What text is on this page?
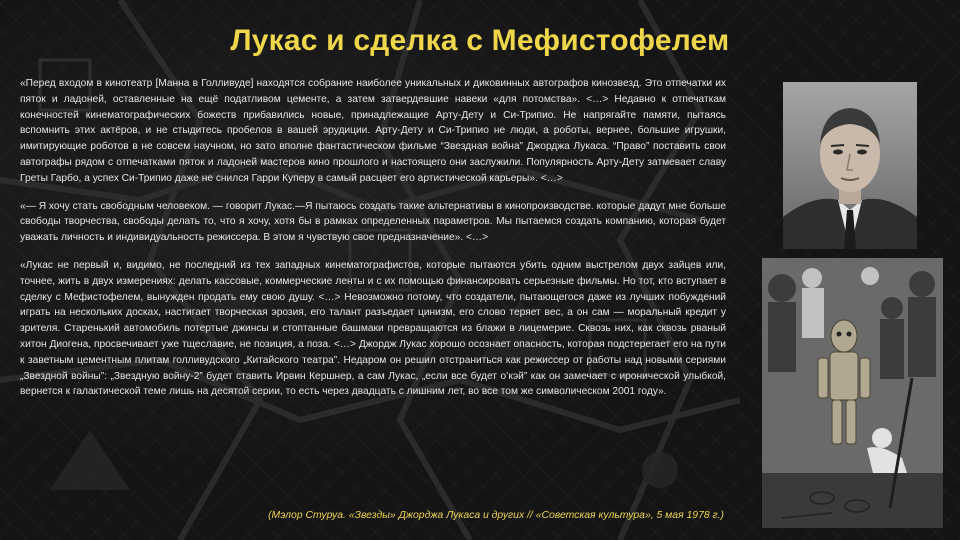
Лукас и сделка с Мефистофелем

«Перед входом в кинотеатр [Манна в Голливуде] находятся собрание наиболее уникальных и диковинных автографов кинозвезд. Это отпечатки их пяток и ладоней, оставленные на ещё податливом цементе, а затем затвердевшие навеки «для потомства». <…> Недавно к отпечаткам конечностей кинематографических божеств прибавились новые, принадлежащие Арту-Дету и Си-Трипио. Не напрягайте памяти, пытаясь вспомнить этих актёров, и не стыдитесь пробелов в вашей эрудиции. Арту-Дету и Си-Трипио не люди, а роботы, вернее, большие игрушки, имитирующие роботов в не совсем научном, но зато вполне фантастическом фильме “Звездная война” Джорджа Лукаса. “Право” поставить свои автографы рядом с отпечатками пяток и ладоней мастеров кино прошлого и настоящего они заслужили. Популярность Арту-Дету затмевает славу Греты Гарбо, а успех Си-Трипио даже не снился Гарри Куперу в самый расцвет его артистической карьеры». <…>

«— Я хочу стать свободным человеком. — говорит Лукас.—Я пытаюсь создать такие альтернативы в кинопроизводстве. которые дадут мне больше свободы творчества, свободы делать то, что я хочу, хотя бы в рамках определенных параметров. Мы пытаемся создать компанию, которая будет уважать личность и индивидуальность режиссера. В этом я чувствую свое предназначение». <…>

«Лукас не первый и, видимо, не последний из тех западных кинематографистов, которые пытаются убить одним выстрелом двух зайцев или, точнее, жить в двух измерениях: делать кассовые, коммерческие ленты и с их помощью финансировать серьезные фильмы. Но тот, кто вступает в сделку с Мефистофелем, вынужден продать ему свою душу. <…> Невозможно потому, что создатели, пытающегося даже из лучших побуждений играть на нескольких досках, настигает творческая эрозия, его талант разъедает цинизм, его слово теряет вес, а он сам — моральный кредит у зрителя. Старенький автомобиль потертые джинсы и стоптанные башмаки превращаются из блажи в лицемерие. Сквозь них, как сквозь рваный хитон Диогена, просвечивает уже тщеславие, не позиция, а поза. <…> Джордж Лукас хорошо осознает опасность, которая подстерегает его на пути к заветным цементным плитам голливудского „Китайского театра”. Недаром он решил отстраниться как режиссер от работы над новыми сериями „Звездной войны”: „Звездную войну-2” будет ставить Ирвин Кершнер, а сам Лукас, „если все будет о’кэй” как он замечает с иронической улыбкой, вернется к галактической теме лишь на десятой серии, то есть через двадцать с лишним лет, во все том же символическом 2001 году».

(Мэлор Стуруа. «Звезды» Джорджа Лукаса и других // «Советская культура», 5 мая 1978 г.)
